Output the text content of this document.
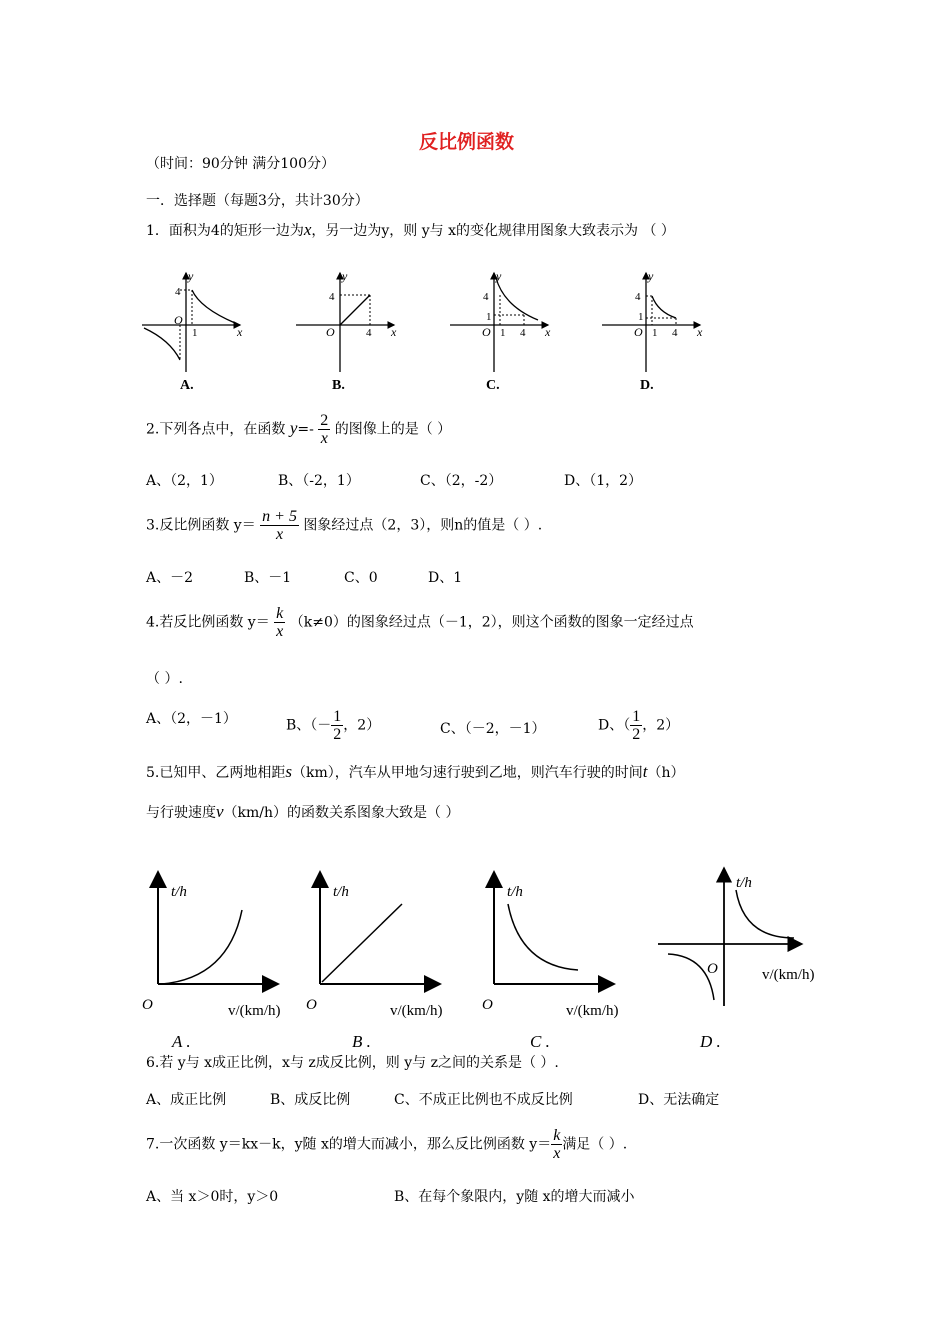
反比例函数
（时间：90分钟 满分100分）
一．选择题（每题3分，共计30分）
1．面积为4的矩形一边为x，另一边为y，则 y与 x的变化规律用图象大致表示为 （ ）
4
O
1	x
y
4
O	4 x
y
4
1
O 1 4 x
y
4
1
O 1 4 x
y
A.	B.	C.	D.
2.下列各点中，在函数 $y=- \frac{2}{x}$ 的图像上的是（ ）
A、（2，1）	B、（-2，1）	C、（2，-2）	D、（1，2）
3.反比例函数 $y= \frac{n + 5}{x}$ 图象经过点（2，3），则n的值是（ ）.
A、－2	B、－1	C、0	D、1
4.若反比例函数 $y= \frac{k}{x} (k\ne 0)$的图象经过点（－1，2），则这个函数的图象一定经过点
（ ）.
A、（2，－1）	B、（－ $\frac{1}{2}$ ，2）	C、（－2，－1）	D、（ $\frac{1}{2}$ ，2）
5.已知甲、乙两地相距s（km），汽车从甲地匀速行驶到乙地，则汽车行驶的时间t（h）
与行驶速度v（km/h）的函数关系图象大致是（ ）
t/h
O	v/(km/h)
t/h
O	v/(km/h)
t/h
O	v/(km/h)
t/h
O	v/(km/h)
A .	B .	C .	D .
6.若 y与 x成正比例，x与 z成反比例，则 y与 z之间的关系是（ ）.
A、成正比例	B、成反比例	C、不成正比例也不成反比例	D、无法确定
7.一次函数 y＝kx－k，y随 x的增大而减小，那么反比例函数 $y= \frac{k}{x}$ 满足（ ）.
A、当 x＞0时，y＞0	B、在每个象限内，y随 x的增大而减小
